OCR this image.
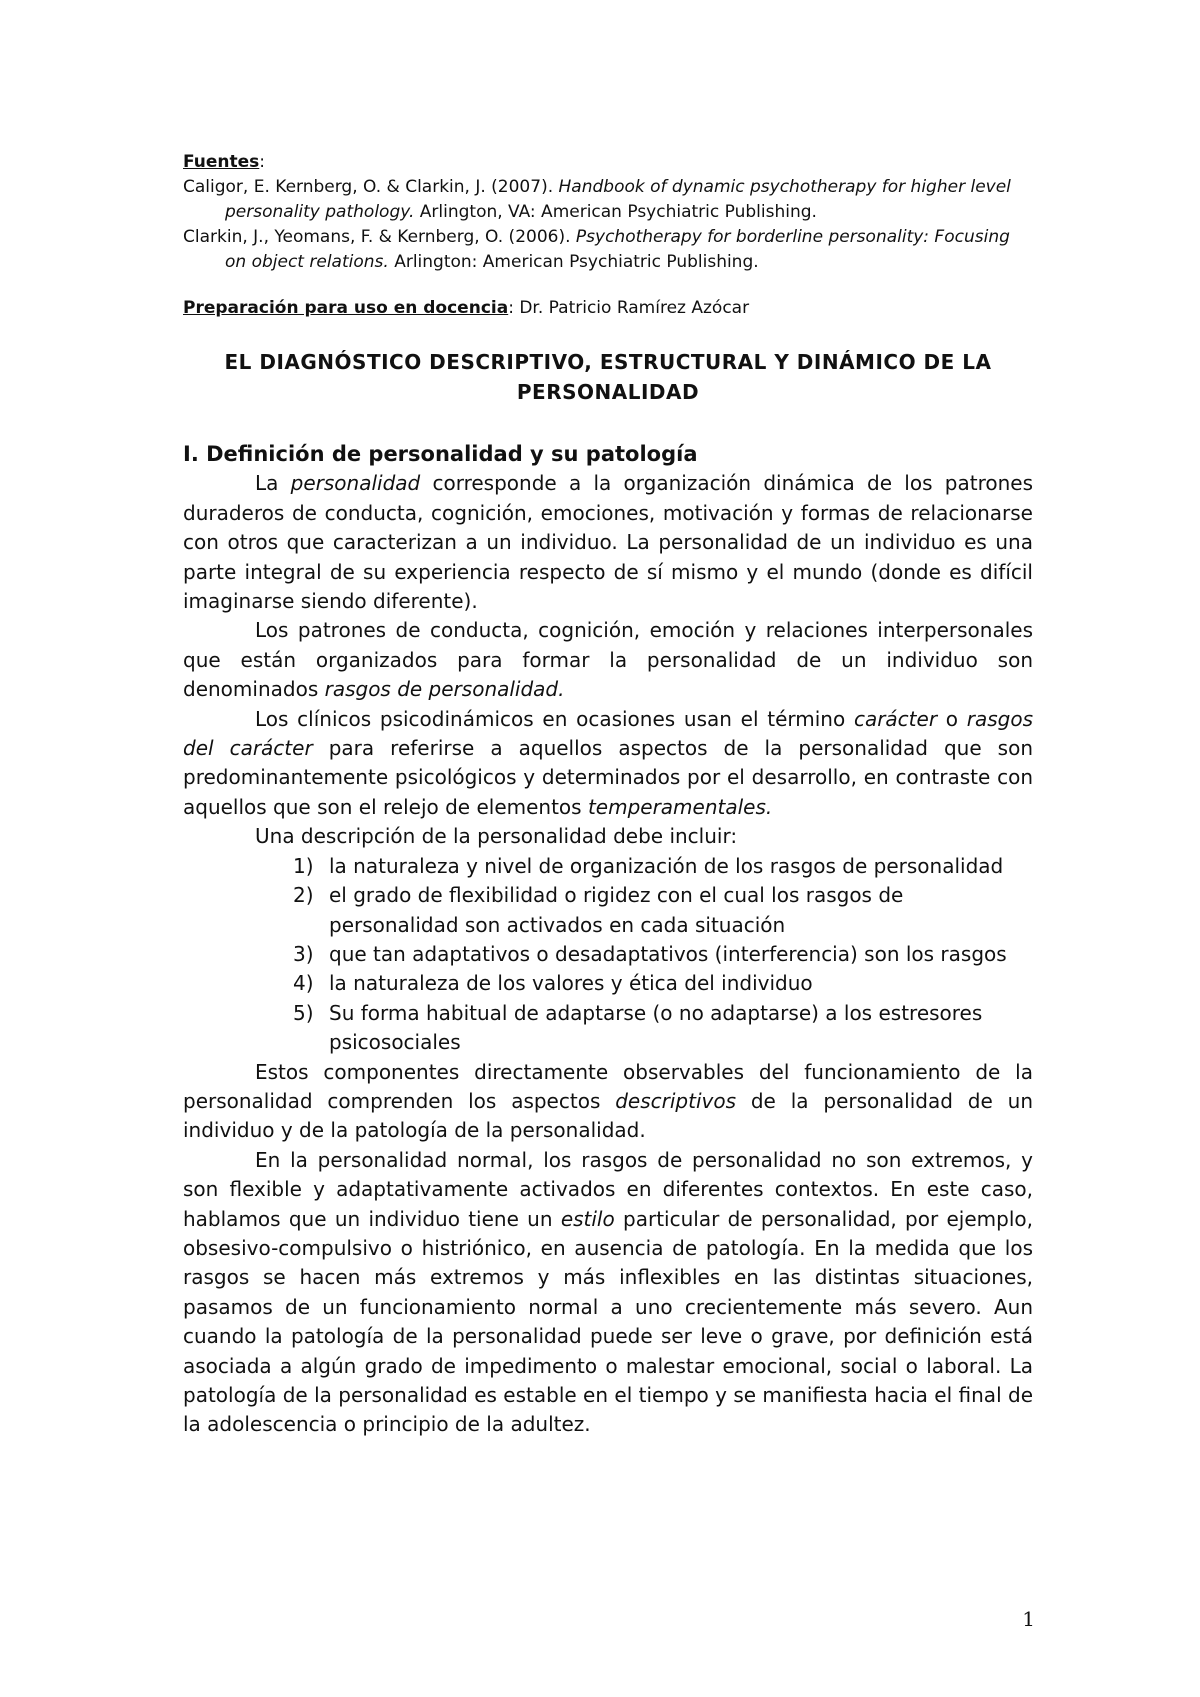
Fuentes:
Caligor, E. Kernberg, O. & Clarkin, J. (2007). Handbook of dynamic psychotherapy for higher level personality pathology. Arlington, VA: American Psychiatric Publishing.
Clarkin, J., Yeomans, F. & Kernberg, O. (2006). Psychotherapy for borderline personality: Focusing on object relations. Arlington: American Psychiatric Publishing.
Preparación para uso en docencia: Dr. Patricio Ramírez Azócar
EL DIAGNÓSTICO DESCRIPTIVO, ESTRUCTURAL Y DINÁMICO DE LA PERSONALIDAD

I. Definición de personalidad y su patología

La personalidad corresponde a la organización dinámica de los patrones duraderos de conducta, cognición, emociones, motivación y formas de relacionarse con otros que caracterizan a un individuo. La personalidad de un individuo es una parte integral de su experiencia respecto de sí mismo y el mundo (donde es difícil imaginarse siendo diferente).

Los patrones de conducta, cognición, emoción y relaciones interpersonales que están organizados para formar la personalidad de un individuo son denominados rasgos de personalidad.

Los clínicos psicodinámicos en ocasiones usan el término carácter o rasgos del carácter para referirse a aquellos aspectos de la personalidad que son predominantemente psicológicos y determinados por el desarrollo, en contraste con aquellos que son el relejo de elementos temperamentales.

Una descripción de la personalidad debe incluir:

1) la naturaleza y nivel de organización de los rasgos de personalidad
2) el grado de flexibilidad o rigidez con el cual los rasgos de personalidad son activados en cada situación
3) que tan adaptativos o desadaptativos (interferencia) son los rasgos
4) la naturaleza de los valores y ética del individuo
5) Su forma habitual de adaptarse (o no adaptarse) a los estresores psicosociales

Estos componentes directamente observables del funcionamiento de la personalidad comprenden los aspectos descriptivos de la personalidad de un individuo y de la patología de la personalidad.

En la personalidad normal, los rasgos de personalidad no son extremos, y son flexible y adaptativamente activados en diferentes contextos. En este caso, hablamos que un individuo tiene un estilo particular de personalidad, por ejemplo, obsesivo-compulsivo o histriónico, en ausencia de patología. En la medida que los rasgos se hacen más extremos y más inflexibles en las distintas situaciones, pasamos de un funcionamiento normal a uno crecientemente más severo. Aun cuando la patología de la personalidad puede ser leve o grave, por definición está asociada a algún grado de impedimento o malestar emocional, social o laboral. La patología de la personalidad es estable en el tiempo y se manifiesta hacia el final de la adolescencia o principio de la adultez.

1
